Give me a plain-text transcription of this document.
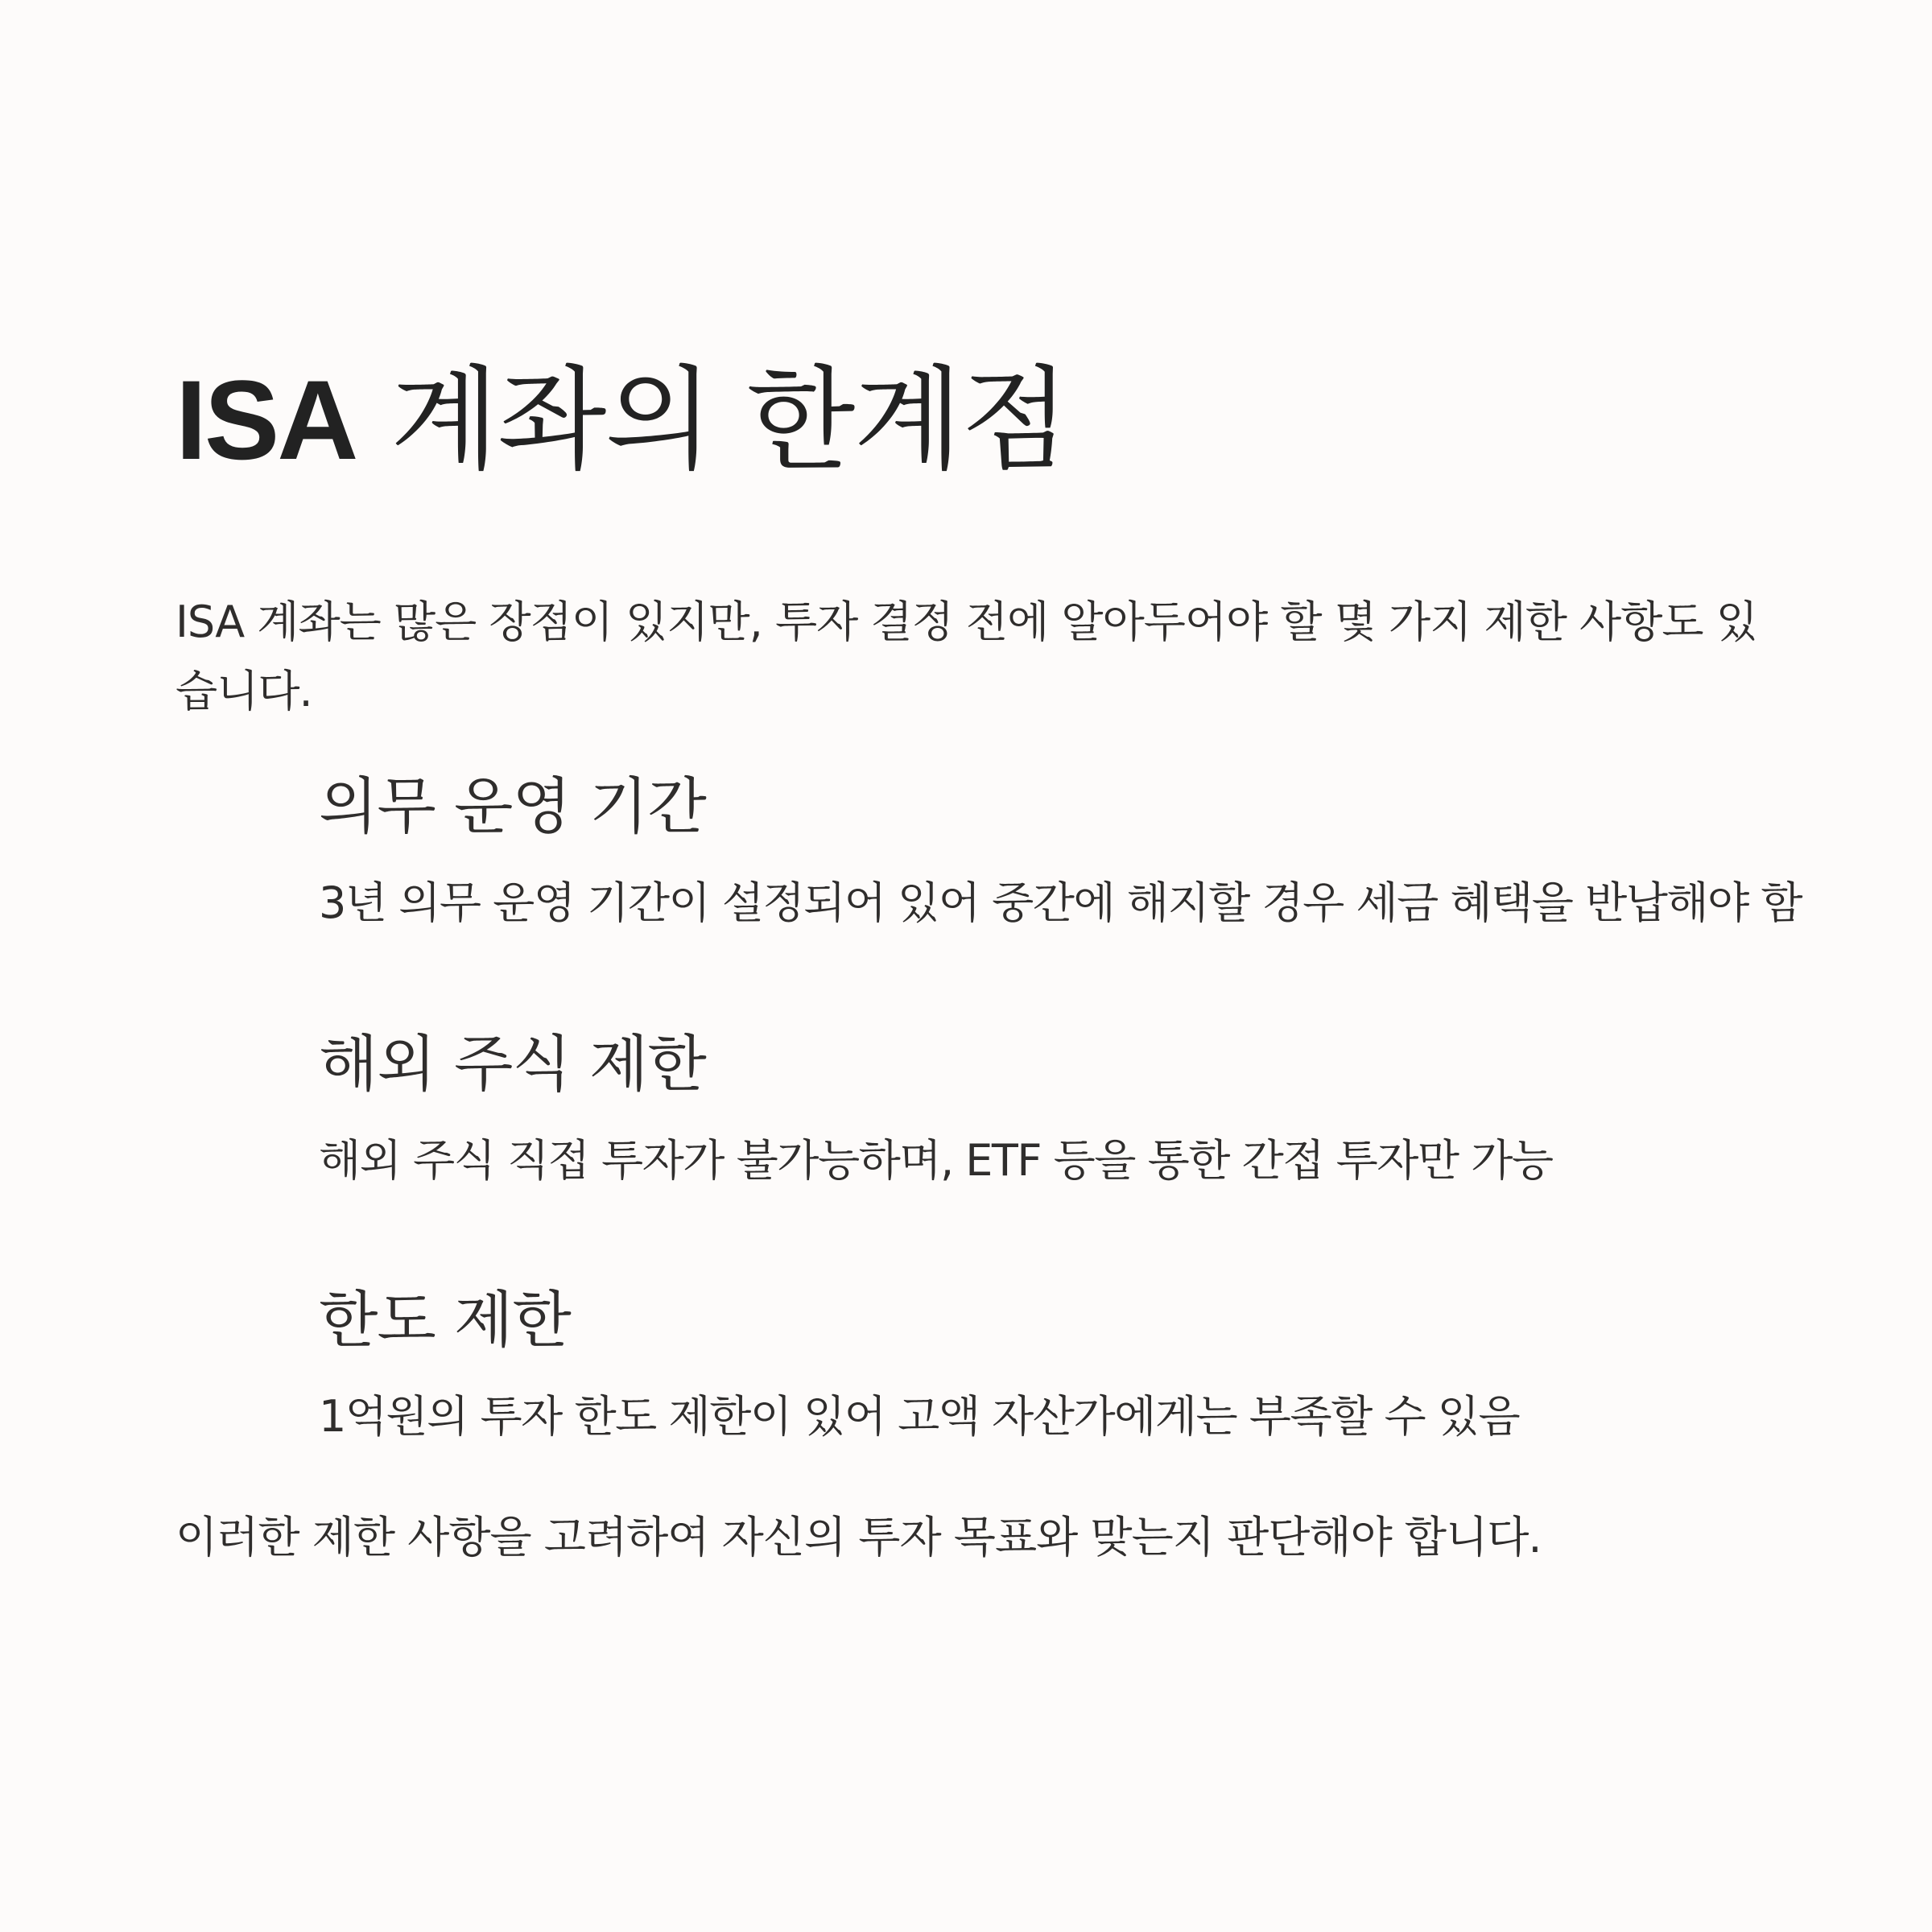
ISA 계좌의 한계점

ISA 계좌는 많은 장점이 있지만, 투자 결정 전에 알아두어야 할 몇 가지 제한 사항도 있습니다.

의무 운영 기간

3년 의무 운영 기간이 설정되어 있어 중간에 해지할 경우 세금 혜택을 반납해야 함

해외 주식 제한

해외 주식 직접 투자가 불가능하며, ETF 등을 통한 간접 투자만 가능

한도 제한

1억원의 투자 한도 제한이 있어 고액 자산가에게는 부족할 수 있음

이러한 제한 사항을 고려하여 자신의 투자 목표와 맞는지 판단해야 합니다.
